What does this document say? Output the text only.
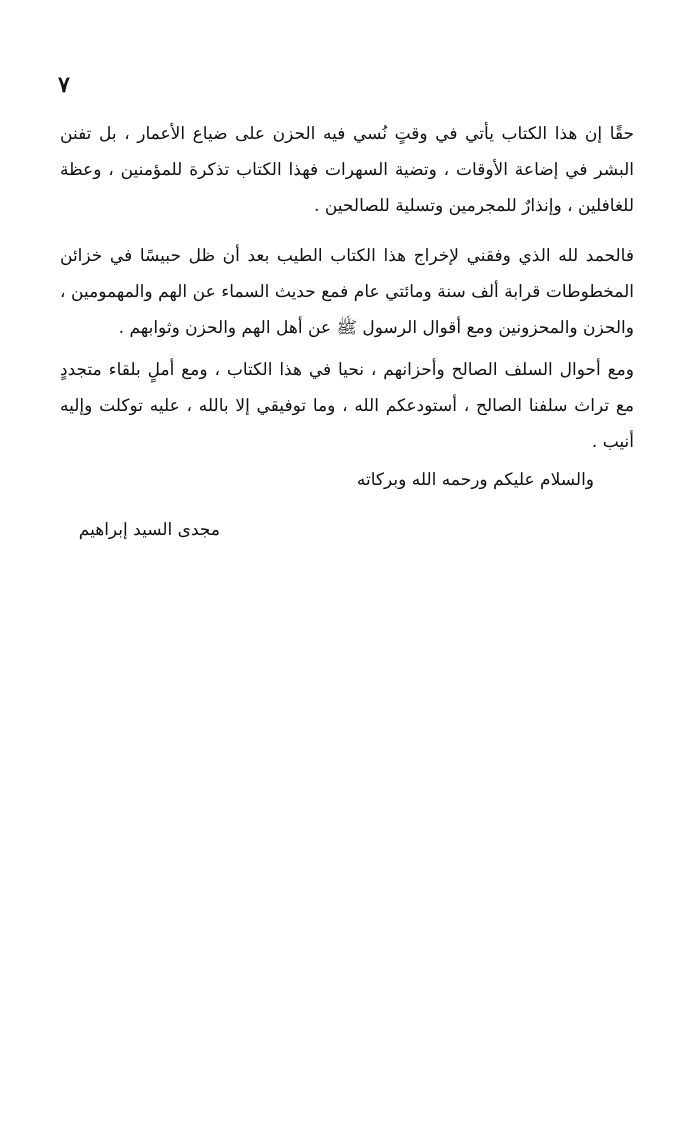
٧

حقًا إن هذا الكتاب يأتي في وقتٍ نُسي فيه الحزن على ضياع الأعمار ، بل تفنن البشر في إضاعة الأوقات ، وتضية السهرات فهذا الكتاب تذكرة للمؤمنين ، وعظة للغافلين ، وإنذارٌ للمجرمين وتسلية للصالحين .

فالحمد لله الذي وفقني لإخراج هذا الكتاب الطيب بعد أن ظل حبيسًا في خزائن المخطوطات قرابة ألف سنة ومائتي عام فمع حديث السماء عن الهم والمهمومين ، والحزن والمحزونين ومع أقوال الرسول ﷺ عن أهل الهم والحزن وثوابهم .

ومع أحوال السلف الصالح وأحزانهم ، نحيا في هذا الكتاب ، ومع أملٍ بلقاء متجددٍ مع تراث سلفنا الصالح ، أستودعكم الله ، وما توفيقي إلا بالله ، عليه توكلت وإليه أنيب .

والسلام عليكم ورحمه الله وبركاته
مجدى السيد إبراهيم
